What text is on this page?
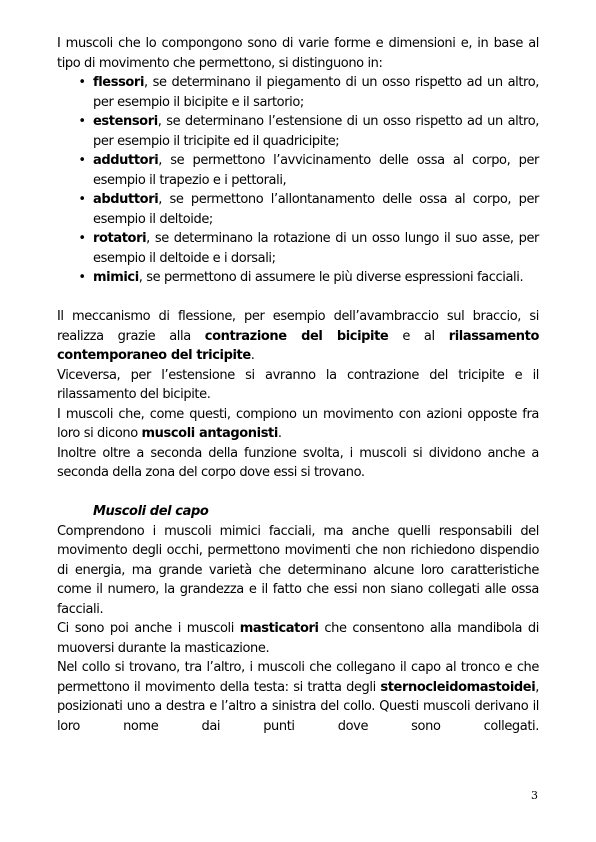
I muscoli che lo compongono sono di varie forme e dimensioni e, in base al tipo di movimento che permettono, si distinguono in:

• flessori, se determinano il piegamento di un osso rispetto ad un altro, per esempio il bicipite e il sartorio;
• estensori, se determinano l’estensione di un osso rispetto ad un altro, per esempio il tricipite ed il quadricipite;
• adduttori, se permettono l’avvicinamento delle ossa al corpo, per esempio il trapezio e i pettorali,
• abduttori, se permettono l’allontanamento delle ossa al corpo, per esempio il deltoide;
• rotatori, se determinano la rotazione di un osso lungo il suo asse, per esempio il deltoide e i dorsali;
• mimici, se permettono di assumere le più diverse espressioni facciali.

Il meccanismo di flessione, per esempio dell’avambraccio sul braccio, si realizza grazie alla contrazione del bicipite e al rilassamento contemporaneo del tricipite.

Viceversa, per l’estensione si avranno la contrazione del tricipite e il rilassamento del bicipite.

I muscoli che, come questi, compiono un movimento con azioni opposte fra loro si dicono muscoli antagonisti.

Inoltre oltre a seconda della funzione svolta, i muscoli si dividono anche a seconda della zona del corpo dove essi si trovano.

Muscoli del capo

Comprendono i muscoli mimici facciali, ma anche quelli responsabili del movimento degli occhi, permettono movimenti che non richiedono dispendio di energia, ma grande varietà che determinano alcune loro caratteristiche come il numero, la grandezza e il fatto che essi non siano collegati alle ossa facciali.

Ci sono poi anche i muscoli masticatori che consentono alla mandibola di muoversi durante la masticazione.

Nel collo si trovano, tra l’altro, i muscoli che collegano il capo al tronco e che permettono il movimento della testa: si tratta degli sternocleidomastoidei, posizionati uno a destra e l’altro a sinistra del collo. Questi muscoli derivano il loro nome dai punti dove sono collegati.

3
